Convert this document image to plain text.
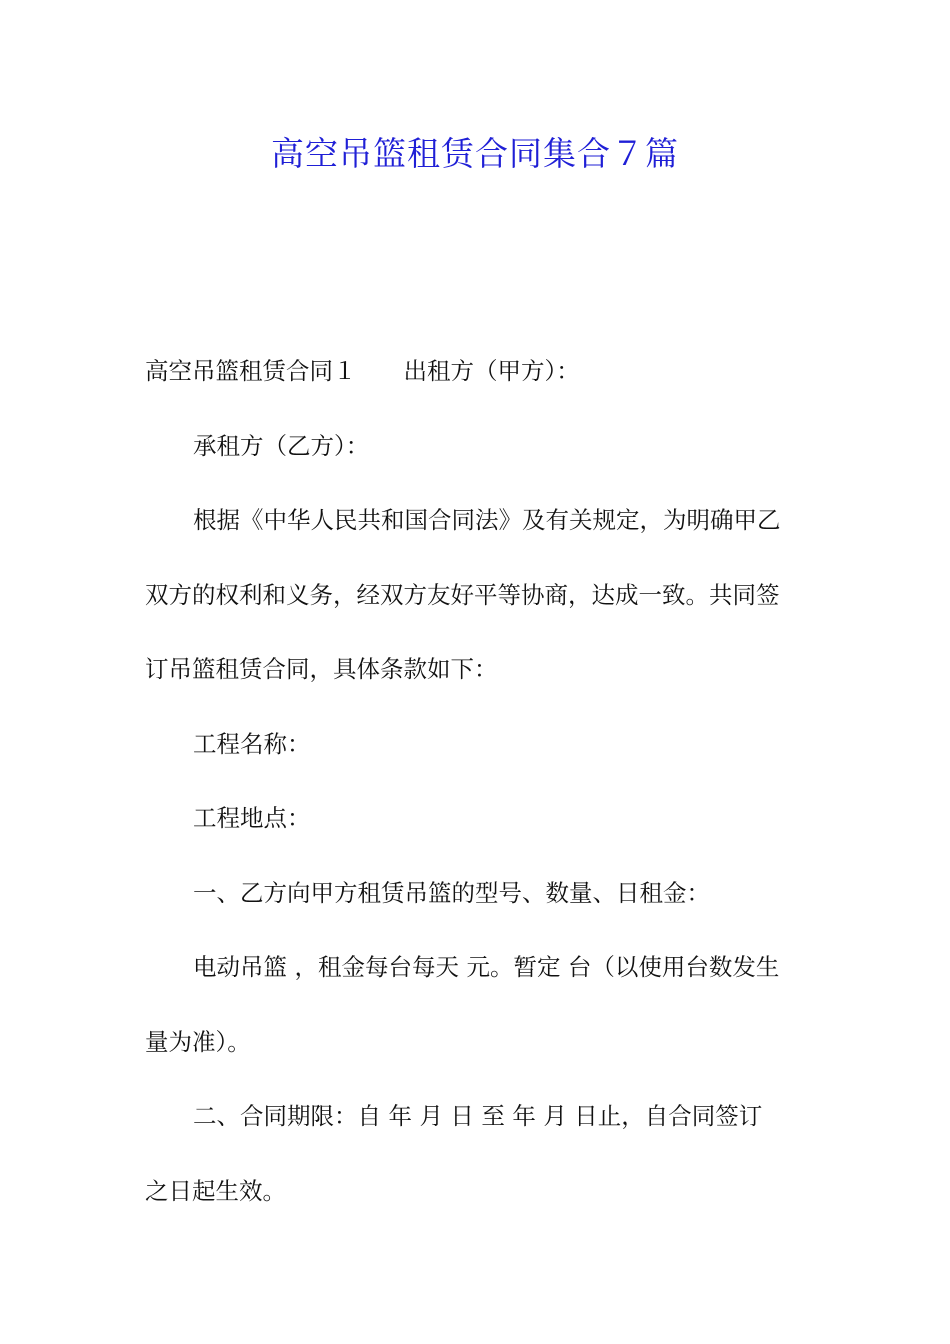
高空吊篮租赁合同集合７篇
高空吊篮租赁合同１　　出租方（甲方）：
承租方（乙方）：
根据《中华人民共和国合同法》及有关规定，为明确甲乙
双方的权利和义务，经双方友好平等协商，达成一致。共同签
订吊篮租赁合同，具体条款如下：
工程名称：
工程地点：
一、乙方向甲方租赁吊篮的型号、数量、日租金：
电动吊篮 ，租金每台每天 元。暂定 台（以使用台数发生
量为准）。
二、合同期限：自 年 月 日 至 年 月 日止，自合同签订
之日起生效。
